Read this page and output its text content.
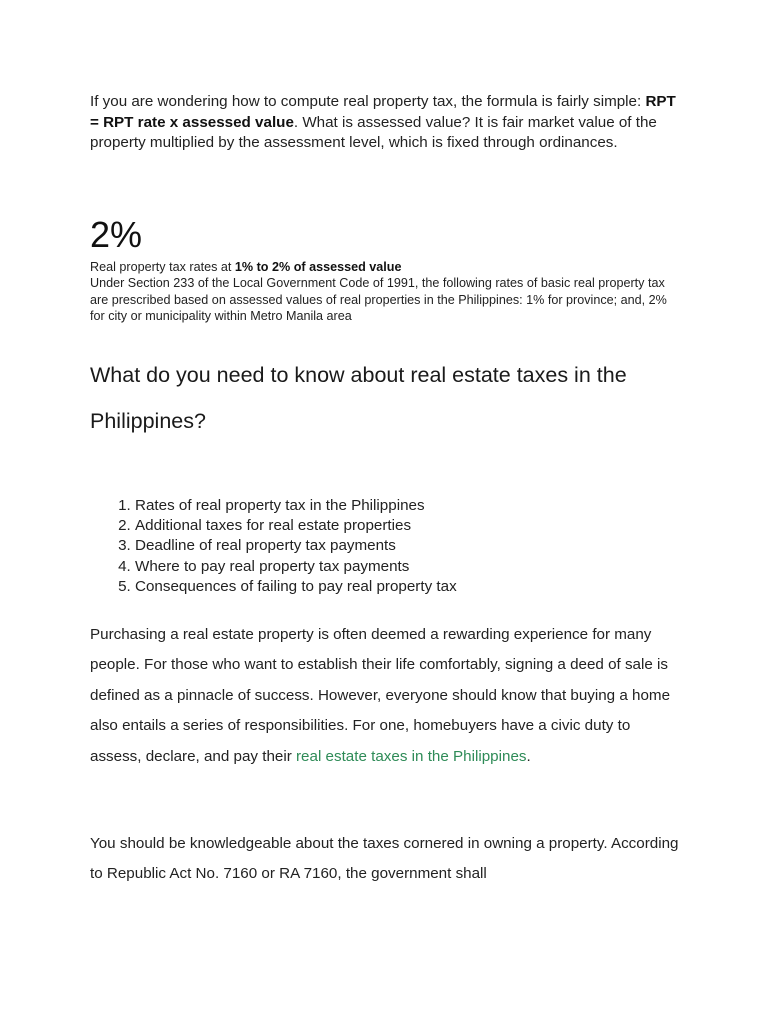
If you are wondering how to compute real property tax, the formula is fairly simple: RPT = RPT rate x assessed value. What is assessed value? It is fair market value of the property multiplied by the assessment level, which is fixed through ordinances.

2%
Real property tax rates at 1% to 2% of assessed value
Under Section 233 of the Local Government Code of 1991, the following rates of basic real property tax are prescribed based on assessed values of real properties in the Philippines: 1% for province; and, 2% for city or municipality within Metro Manila area
What do you need to know about real estate taxes in the Philippines?
1. Rates of real property tax in the Philippines
2. Additional taxes for real estate properties
3. Deadline of real property tax payments
4. Where to pay real property tax payments
5. Consequences of failing to pay real property tax

Purchasing a real estate property is often deemed a rewarding experience for many people. For those who want to establish their life comfortably, signing a deed of sale is defined as a pinnacle of success. However, everyone should know that buying a home also entails a series of responsibilities. For one, homebuyers have a civic duty to assess, declare, and pay their real estate taxes in the Philippines.

You should be knowledgeable about the taxes cornered in owning a property. According to Republic Act No. 7160 or RA 7160, the government shall
